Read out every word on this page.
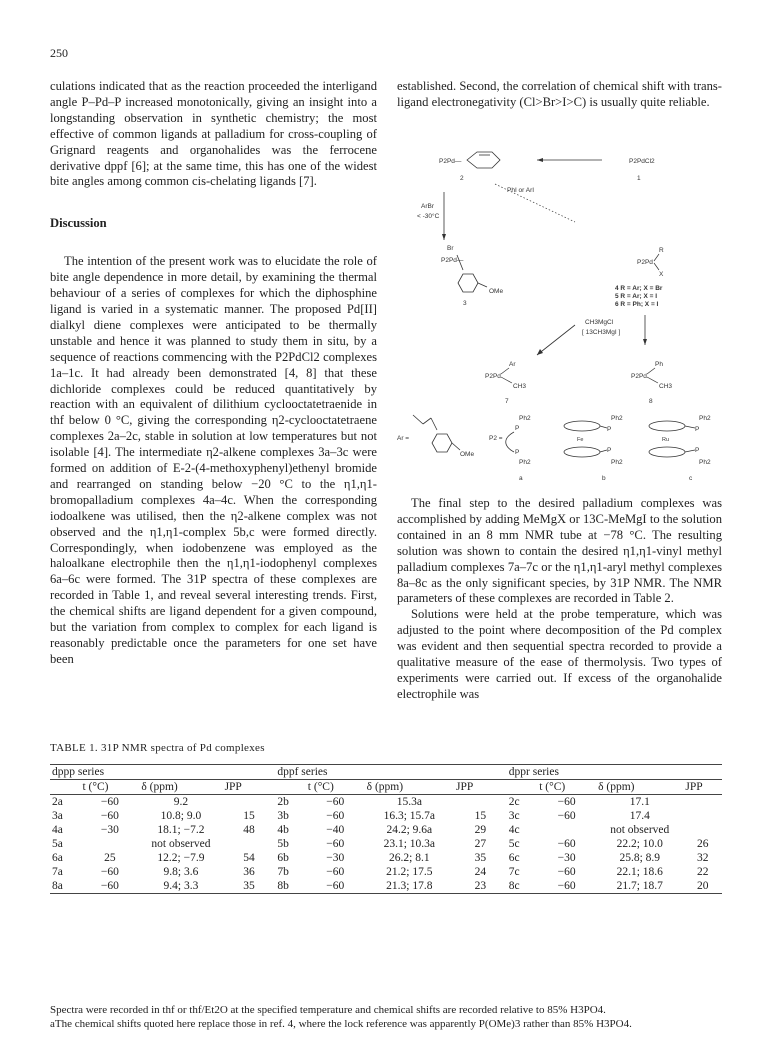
250

culations indicated that as the reaction proceeded the interligand angle P–Pd–P increased monotonically, giving an insight into a longstanding observation in synthetic chemistry; the most effective of common ligands at palladium for cross-coupling of Grignard reagents and organohalides was the ferrocene derivative dppf [6]; at the same time, this has one of the widest bite angles among common cis-chelating ligands [7].

Discussion

The intention of the present work was to elucidate the role of bite angle dependence in more detail, by examining the thermal behaviour of a series of complexes for which the diphosphine ligand is varied in a systematic manner. The proposed Pd[II] dialkyl diene complexes were anticipated to be thermally unstable and hence it was planned to study them in situ, by a sequence of reactions commencing with the P2PdCl2 complexes 1a–1c. It had already been demonstrated [4, 8] that these dichloride complexes could be reduced quantitatively by reaction with an equivalent of dilithium cyclooctatetraenide in thf below 0 °C, giving the corresponding η2-cyclooctatetraene complexes 2a–2c, stable in solution at low temperatures but not isolable [4]. The intermediate η2-alkene complexes 3a–3c were formed on addition of E-2-(4-methoxyphenyl)ethenyl bromide and rearranged on standing below −20 °C to the η1,η1-bromopalladium complexes 4a–4c. When the corresponding iodoalkene was utilised, then the η2-alkene complex was not observed and the η1,η1-complex 5b,c were formed directly. Correspondingly, when iodobenzene was employed as the haloalkane electrophile then the η1,η1-iodophenyl complexes 6a–6c were formed. The 31P spectra of these complexes are recorded in Table 1, and reveal several interesting trends. First, the chemical shifts are ligand dependent for a given compound, but the variation from complex to complex for each ligand is reasonably predictable once the parameters for one set have been

established. Second, the correlation of chemical shift with trans-ligand electronegativity (Cl>Br>I>C) is usually quite reliable.

P2Pd—
2
P2PdCl2
1
PhI or ArI
ArBr
< -30°C
Br
P2Pd—
OMe
3
R
P2Pd
X
4 R = Ar; X = Br
5 R = Ar; X = I
6 R = Ph; X = I
CH3MgCl
[ 13CH3MgI ]
Ar
P2Pd
CH3
7
Ph
P2Pd
CH3
8
Ar =
OMe
P2 =
Ph2
P
P
Ph2
a
Fe
Ph2
P
P
Ph2
b
Ru
Ph2
P
P
Ph2
c

The final step to the desired palladium complexes was accomplished by adding MeMgX or 13C-MeMgI to the solution contained in an 8 mm NMR tube at −78 °C. The resulting solution was shown to contain the desired η1,η1-vinyl methyl palladium complexes 7a–7c or the η1,η1-aryl methyl complexes 8a–8c as the only significant species, by 31P NMR. The NMR parameters of these complexes are recorded in Table 2.

Solutions were held at the probe temperature, which was adjusted to the point where decomposition of the Pd complex was evident and then sequential spectra recorded to provide a qualitative measure of the ease of thermolysis. Two types of experiments were carried out. If excess of the organohalide electrophile was

TABLE 1. 31P NMR spectra of Pd complexes
dppp series				dppf series				dppr series			
	t (°C)	δ (ppm)	JPP		t (°C)	δ (ppm)	JPP		t (°C)	δ (ppm)	JPP
2a	−60	9.2		2b	−60	15.3a		2c	−60	17.1	
3a	−60	10.8; 9.0	15	3b	−60	16.3; 15.7a	15	3c	−60	17.4	
4a	−30	18.1; −7.2	48	4b	−40	24.2; 9.6a	29	4c		not observed	
5a		not observed		5b	−60	23.1; 10.3a	27	5c	−60	22.2; 10.0	26
6a	25	12.2; −7.9	54	6b	−30	26.2; 8.1	35	6c	−30	25.8; 8.9	32
7a	−60	9.8; 3.6	36	7b	−60	21.2; 17.5	24	7c	−60	22.1; 18.6	22
8a	−60	9.4; 3.3	35	8b	−60	21.3; 17.8	23	8c	−60	21.7; 18.7	20

Spectra were recorded in thf or thf/Et2O at the specified temperature and chemical shifts are recorded relative to 85% H3PO4.

aThe chemical shifts quoted here replace those in ref. 4, where the lock reference was apparently P(OMe)3 rather than 85% H3PO4.
